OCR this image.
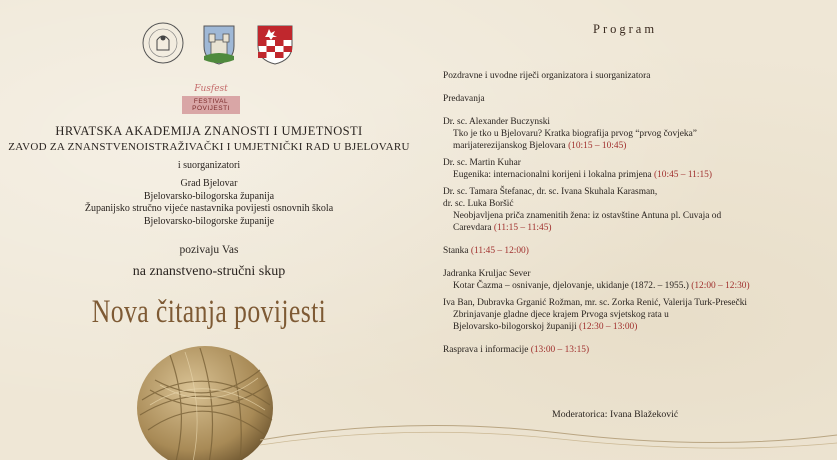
Fusfest
FESTIVAL POVIJESTI
HRVATSKA AKADEMIJA ZNANOSTI I UMJETNOSTI
ZAVOD ZA ZNANSTVENOISTRAŽIVAČKI I UMJETNIČKI RAD U BJELOVARU
i suorganizatori
Grad Bjelovar
Bjelovarsko-bilogorska županija
Županijsko stručno vijeće nastavnika povijesti osnovnih škola
Bjelovarsko-bilogorske županije
pozivaju Vas
na znanstveno-stručni skup
Nova čitanja povijesti
Program
Pozdravne i uvodne riječi organizatora i suorganizatora
Predavanja
Dr. sc. Alexander Buczynski
Tko je tko u Bjelovaru? Kratka biografija prvog “prvog čovjeka”
marijaterezijanskog Bjelovara (10:15 – 10:45)
Dr. sc. Martin Kuhar
Eugenika: internacionalni korijeni i lokalna primjena (10:45 – 11:15)
Dr. sc. Tamara Štefanac, dr. sc. Ivana Skuhala Karasman,
dr. sc. Luka Boršić
Neobjavljena priča znamenitih žena: iz ostavštine Antuna pl. Cuvaja od
Carevdara (11:15 – 11:45)
Stanka (11:45 – 12:00)
Jadranka Kruljac Sever
Kotar Čazma – osnivanje, djelovanje, ukidanje (1872. – 1955.) (12:00 – 12:30)
Iva Ban, Dubravka Grganić Rožman, mr. sc. Zorka Renić, Valerija Turk-Presečki
Zbrinjavanje gladne djece krajem Prvoga svjetskog rata u
Bjelovarsko-bilogorskoj županiji (12:30 – 13:00)
Rasprava i informacije (13:00 – 13:15)
Moderatorica: Ivana Blažeković
